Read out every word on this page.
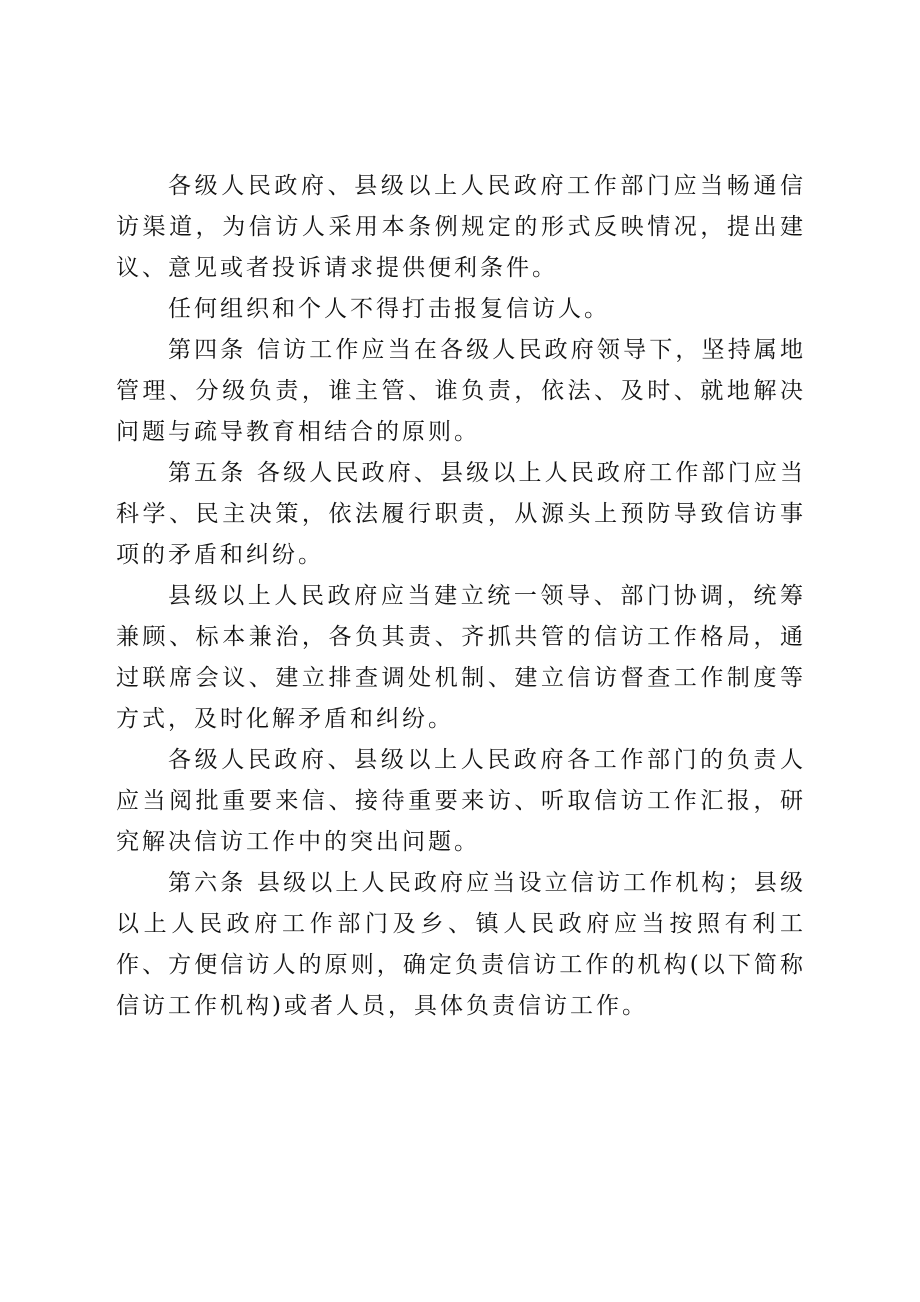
各级人民政府、县级以上人民政府工作部门应当畅通信访渠道，为信访人采用本条例规定的形式反映情况，提出建议、意见或者投诉请求提供便利条件。

任何组织和个人不得打击报复信访人。

第四条 信访工作应当在各级人民政府领导下，坚持属地管理、分级负责，谁主管、谁负责，依法、及时、就地解决问题与疏导教育相结合的原则。

第五条 各级人民政府、县级以上人民政府工作部门应当科学、民主决策，依法履行职责，从源头上预防导致信访事项的矛盾和纠纷。

县级以上人民政府应当建立统一领导、部门协调，统筹兼顾、标本兼治，各负其责、齐抓共管的信访工作格局，通过联席会议、建立排查调处机制、建立信访督查工作制度等方式，及时化解矛盾和纠纷。

各级人民政府、县级以上人民政府各工作部门的负责人应当阅批重要来信、接待重要来访、听取信访工作汇报，研究解决信访工作中的突出问题。

第六条 县级以上人民政府应当设立信访工作机构；县级以上人民政府工作部门及乡、镇人民政府应当按照有利工作、方便信访人的原则，确定负责信访工作的机构(以下简称信访工作机构)或者人员，具体负责信访工作。
